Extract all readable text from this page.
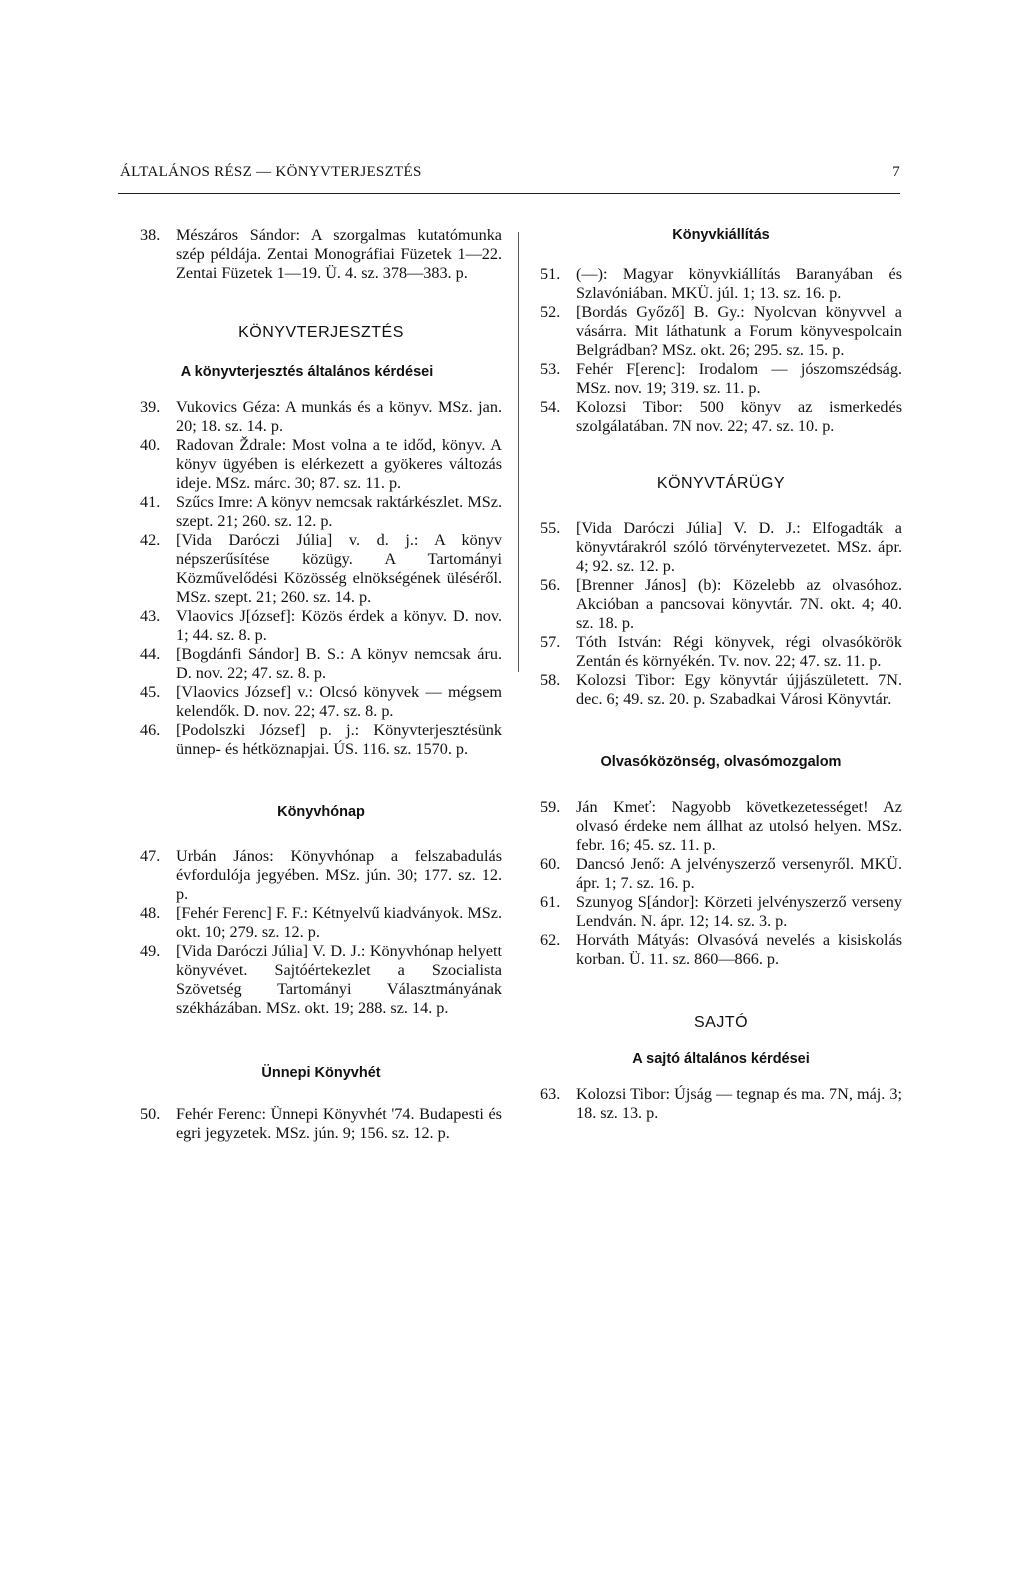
ÁLTALÁNOS RÉSZ — KÖNYVTERJESZTÉS	7
38. Mészáros Sándor: A szorgalmas kutatómunka szép példája. Zentai Monográfiai Füzetek 1—22. Zentai Füzetek 1—19. Ü. 4. sz. 378—383. p.
KÖNYVTERJESZTÉS
A könyvterjesztés általános kérdései
39. Vukovics Géza: A munkás és a könyv. MSz. jan. 20; 18. sz. 14. p.
40. Radovan Ždrale: Most volna a te időd, könyv. A könyv ügyében is elérkezett a gyökeres változás ideje. MSz. márc. 30; 87. sz. 11. p.
41. Szűcs Imre: A könyv nemcsak raktárkészlet. MSz. szept. 21; 260. sz. 12. p.
42. [Vida Daróczi Júlia] v. d. j.: A könyv népszerűsítése közügy. A Tartományi Közművelődési Közösség elnökségének üléséről. MSz. szept. 21; 260. sz. 14. p.
43. Vlaovics J[ózsef]: Közös érdek a könyv. D. nov. 1; 44. sz. 8. p.
44. [Bogdánfi Sándor] B. S.: A könyv nemcsak áru. D. nov. 22; 47. sz. 8. p.
45. [Vlaovics József] v.: Olcsó könyvek — mégsem kelendők. D. nov. 22; 47. sz. 8. p.
46. [Podolszki József] p. j.: Könyvterjesztésünk ünnep- és hétköznapjai. ÚS. 116. sz. 1570. p.
Könyvhónap
47. Urbán János: Könyvhónap a felszabadulás évfordulója jegyében. MSz. jún. 30; 177. sz. 12. p.
48. [Fehér Ferenc] F. F.: Kétnyelvű kiadványok. MSz. okt. 10; 279. sz. 12. p.
49. [Vida Daróczi Júlia] V. D. J.: Könyvhónap helyett könyvévet. Sajtóértekezlet a Szocialista Szövetség Tartományi Választmányának székházában. MSz. okt. 19; 288. sz. 14. p.
Ünnepi Könyvhét
50. Fehér Ferenc: Ünnepi Könyvhét '74. Budapesti és egri jegyzetek. MSz. jún. 9; 156. sz. 12. p.
Könyvkiállítás
51. (—): Magyar könyvkiállítás Baranyában és Szlavóniában. MKÜ. júl. 1; 13. sz. 16. p.
52. [Bordás Győző] B. Gy.: Nyolcvan könyvvel a vásárra. Mit láthatunk a Forum könyvespolcain Belgrádban? MSz. okt. 26; 295. sz. 15. p.
53. Fehér F[erenc]: Irodalom — jószomszédság. MSz. nov. 19; 319. sz. 11. p.
54. Kolozsi Tibor: 500 könyv az ismerkedés szolgálatában. 7N nov. 22; 47. sz. 10. p.
KÖNYVTÁRÜGY
55. [Vida Daróczi Júlia] V. D. J.: Elfogadták a könyvtárakról szóló törvénytervezetet. MSz. ápr. 4; 92. sz. 12. p.
56. [Brenner János] (b): Közelebb az olvasóhoz. Akcióban a pancsovai könyvtár. 7N. okt. 4; 40. sz. 18. p.
57. Tóth István: Régi könyvek, régi olvasókörök Zentán és környékén. Tv. nov. 22; 47. sz. 11. p.
58. Kolozsi Tibor: Egy könyvtár újjászületett. 7N. dec. 6; 49. sz. 20. p. Szabadkai Városi Könyvtár.
Olvasóközönség, olvasómozgalom
59. Ján Kmeť: Nagyobb következetességet! Az olvasó érdeke nem állhat az utolsó helyen. MSz. febr. 16; 45. sz. 11. p.
60. Dancsó Jenő: A jelvényszerző versenyről. MKÜ. ápr. 1; 7. sz. 16. p.
61. Szunyog S[ándor]: Körzeti jelvényszerző verseny Lendván. N. ápr. 12; 14. sz. 3. p.
62. Horváth Mátyás: Olvasóvá nevelés a kisiskolás korban. Ü. 11. sz. 860—866. p.
SAJTÓ
A sajtó általános kérdései
63. Kolozsi Tibor: Újság — tegnap és ma. 7N, máj. 3; 18. sz. 13. p.
